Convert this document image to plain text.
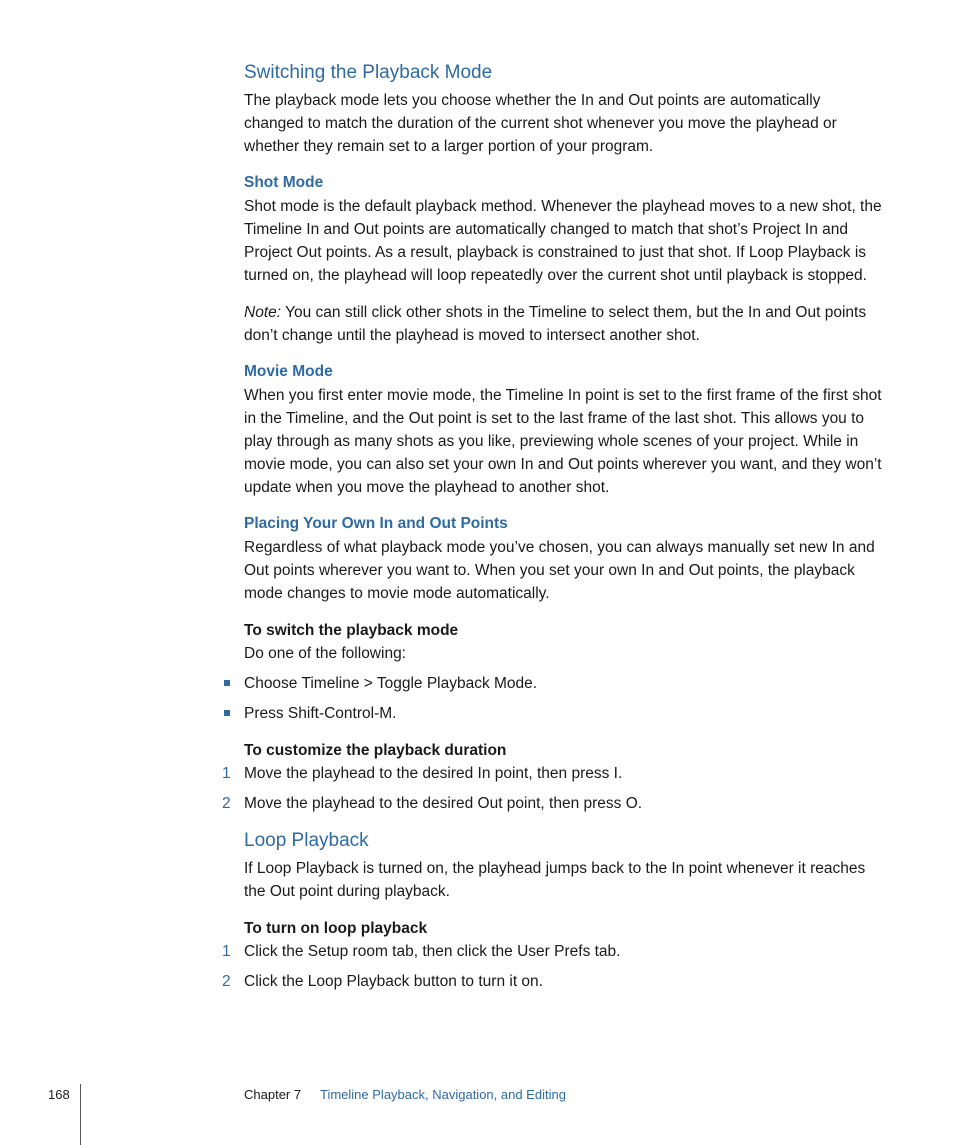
Switching the Playback Mode

The playback mode lets you choose whether the In and Out points are automatically changed to match the duration of the current shot whenever you move the playhead or whether they remain set to a larger portion of your program.

Shot Mode

Shot mode is the default playback method. Whenever the playhead moves to a new shot, the Timeline In and Out points are automatically changed to match that shot’s Project In and Project Out points. As a result, playback is constrained to just that shot. If Loop Playback is turned on, the playhead will loop repeatedly over the current shot until playback is stopped.

Note: You can still click other shots in the Timeline to select them, but the In and Out points don’t change until the playhead is moved to intersect another shot.

Movie Mode

When you first enter movie mode, the Timeline In point is set to the first frame of the first shot in the Timeline, and the Out point is set to the last frame of the last shot. This allows you to play through as many shots as you like, previewing whole scenes of your project. While in movie mode, you can also set your own In and Out points wherever you want, and they won’t update when you move the playhead to another shot.

Placing Your Own In and Out Points

Regardless of what playback mode you’ve chosen, you can always manually set new In and Out points wherever you want to. When you set your own In and Out points, the playback mode changes to movie mode automatically.

To switch the playback mode

Do one of the following:

Choose Timeline > Toggle Playback Mode.
Press Shift-Control-M.
To customize the playback duration
1 Move the playhead to the desired In point, then press I.
2 Move the playhead to the desired Out point, then press O.
Loop Playback

If Loop Playback is turned on, the playhead jumps back to the In point whenever it reaches the Out point during playback.

To turn on loop playback
1 Click the Setup room tab, then click the User Prefs tab.
2 Click the Loop Playback button to turn it on.
168	Chapter 7 Timeline Playback, Navigation, and Editing
